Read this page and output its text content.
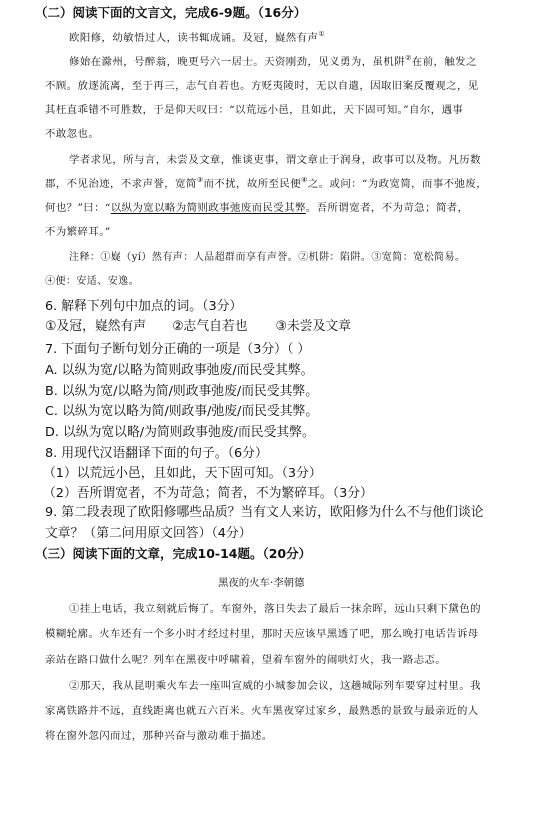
（二）阅读下面的文言文，完成6-9题。（16分）
欧阳修，幼敏悟过人，读书辄成诵。及冠，嶷然有声①
修始在滁州，号醉翁，晚更号六一居士。天资刚劲，见义勇为，虽机阱②在前，触发之
不顾。放逐流离，至于再三，志气自若也。方贬夷陵时，无以自遣，因取旧案反覆观之，见
其枉直乖错不可胜数，于是仰天叹曰：“以荒远小邑，且如此，天下固可知。”自尔，遇事
不敢忽也。
学者求见，所与言，未尝及文章，惟谈吏事，谓文章止于润身，政事可以及物。凡历数
郡，不见治迹，不求声誉，宽简③而不扰，故所至民便④之。或问：“为政宽简，而事不弛废，
何也？”曰：“以纵为宽以略为简则政事弛废而民受其弊。吾所谓宽者，不为苛急；简者，
不为繁碎耳。”
注释：①嶷（yí）然有声：人品超群而享有声誉。②机阱：陷阱。③宽简：宽松简易。
④便：安适、安逸。
6. 解释下列句中加点的词。（3分）
①及冠，嶷然有声 ②志气自若也 ③未尝及文章
7. 下面句子断句划分正确的一项是（3分）（ ）
A. 以纵为宽/以略为简则政事弛废/而民受其弊。
B. 以纵为宽/以略为简/则政事弛废/而民受其弊。
C. 以纵为宽以略为简/则政事/弛废/而民受其弊。
D. 以纵为宽以略/为简则政事弛废/而民受其弊。
8. 用现代汉语翻译下面的句子。（6分）
（1）以荒远小邑，且如此，天下固可知。（3分）
（2）吾所谓宽者，不为苛急；简者，不为繁碎耳。（3分）
9. 第二段表现了欧阳修哪些品质？当有文人来访，欧阳修为什么不与他们谈论
文章？（第二问用原文回答）（4分）
（三）阅读下面的文章，完成10-14题。（20分）
黑夜的火车·李朝德
①挂上电话，我立刻就后悔了。车窗外，落日失去了最后一抹余晖，远山只剩下黛色的
模糊轮廓。火车还有一个多小时才经过村里，那时天应该早黑透了吧，那么晚打电话告诉母
亲站在路口做什么呢？列车在黑夜中呼啸着，望着车窗外的闹哄灯火，我一路忐忑。
②那天，我从昆明乘火车去一座叫宣威的小城参加会议，这趟城际列车要穿过村里。我
家离铁路并不远，直线距离也就五六百米。火车黑夜穿过家乡，最熟悉的景致与最亲近的人
将在窗外忽闪而过，那种兴奋与激动难于描述。
